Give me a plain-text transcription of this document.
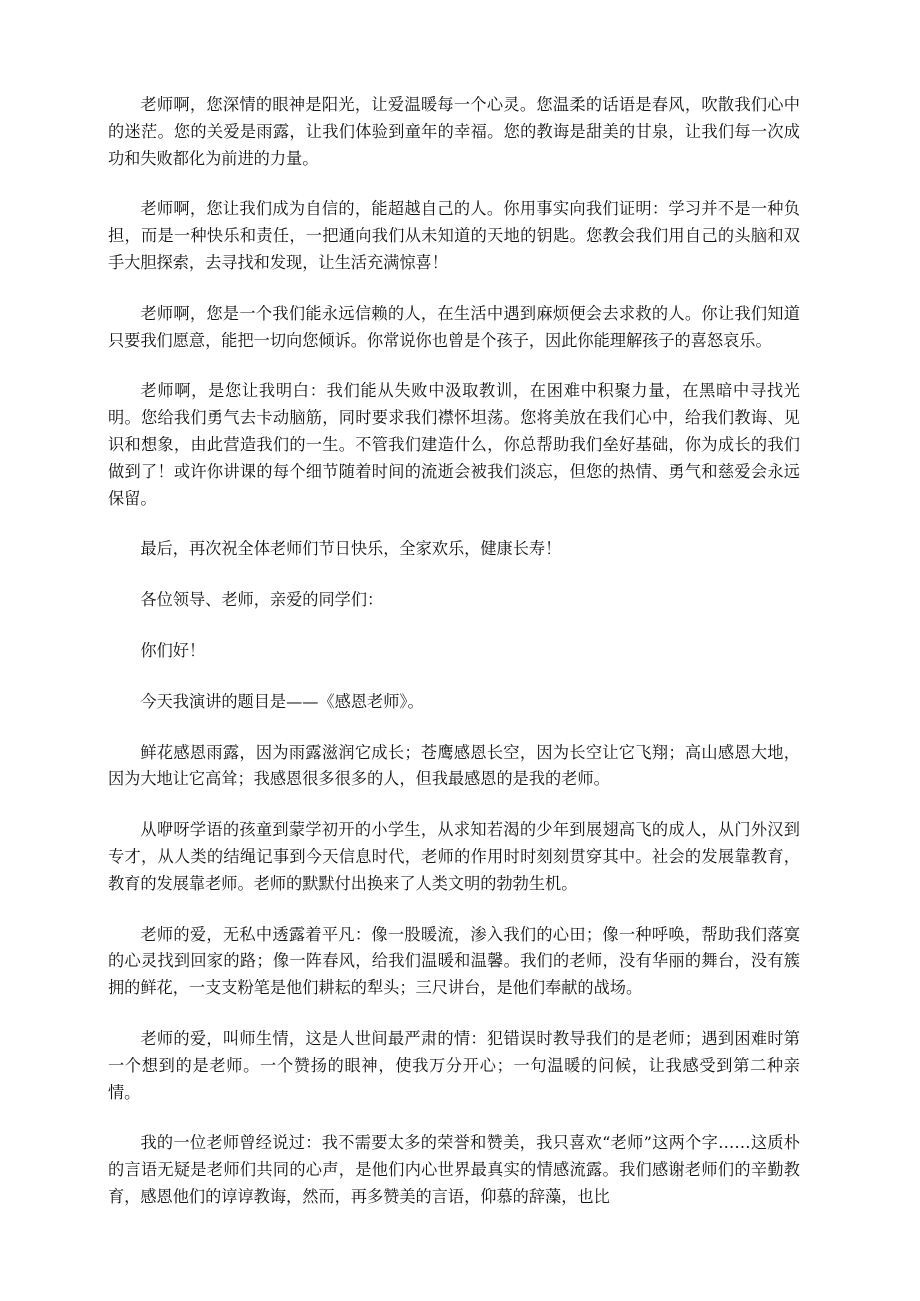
老师啊，您深情的眼神是阳光，让爱温暖每一个心灵。您温柔的话语是春风，吹散我们心中的迷茫。您的关爱是雨露，让我们体验到童年的幸福。您的教诲是甜美的甘泉，让我们每一次成功和失败都化为前进的力量。

老师啊，您让我们成为自信的，能超越自己的人。你用事实向我们证明：学习并不是一种负担，而是一种快乐和责任，一把通向我们从未知道的天地的钥匙。您教会我们用自己的头脑和双手大胆探索，去寻找和发现，让生活充满惊喜！

老师啊，您是一个我们能永远信赖的人，在生活中遇到麻烦便会去求救的人。你让我们知道只要我们愿意，能把一切向您倾诉。你常说你也曾是个孩子，因此你能理解孩子的喜怒哀乐。

老师啊，是您让我明白：我们能从失败中汲取教训，在困难中积聚力量，在黑暗中寻找光明。您给我们勇气去卡动脑筋，同时要求我们襟怀坦荡。您将美放在我们心中，给我们教诲、见识和想象，由此营造我们的一生。不管我们建造什么，你总帮助我们垒好基础，你为成长的我们做到了！或许你讲课的每个细节随着时间的流逝会被我们淡忘，但您的热情、勇气和慈爱会永远保留。

最后，再次祝全体老师们节日快乐，全家欢乐，健康长寿！

各位领导、老师，亲爱的同学们：

你们好！

今天我演讲的题目是——《感恩老师》。

鲜花感恩雨露，因为雨露滋润它成长；苍鹰感恩长空，因为长空让它飞翔；高山感恩大地，因为大地让它高耸；我感恩很多很多的人，但我最感恩的是我的老师。

从咿呀学语的孩童到蒙学初开的小学生，从求知若渴的少年到展翅高飞的成人，从门外汉到专才，从人类的结绳记事到今天信息时代，老师的作用时时刻刻贯穿其中。社会的发展靠教育，教育的发展靠老师。老师的默默付出换来了人类文明的勃勃生机。

老师的爱，无私中透露着平凡：像一股暖流，渗入我们的心田；像一种呼唤，帮助我们落寞的心灵找到回家的路；像一阵春风，给我们温暖和温馨。我们的老师，没有华丽的舞台，没有簇拥的鲜花，一支支粉笔是他们耕耘的犁头；三尺讲台，是他们奉献的战场。

老师的爱，叫师生情，这是人世间最严肃的情：犯错误时教导我们的是老师；遇到困难时第一个想到的是老师。一个赞扬的眼神，使我万分开心；一句温暖的问候，让我感受到第二种亲情。

我的一位老师曾经说过：我不需要太多的荣誉和赞美，我只喜欢“老师”这两个字……这质朴的言语无疑是老师们共同的心声，是他们内心世界最真实的情感流露。我们感谢老师们的辛勤教育，感恩他们的谆谆教诲，然而，再多赞美的言语，仰慕的辞藻，也比
